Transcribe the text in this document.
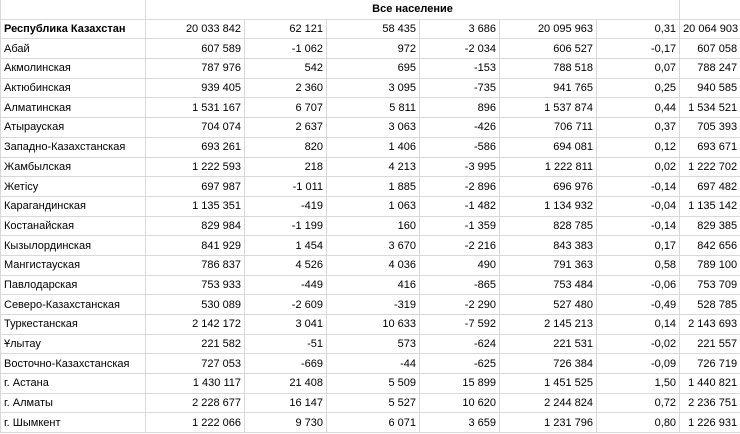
	Все население						
Республика Казахстан	20 033 842	62 121	58 435	3 686	20 095 963	0,31	20 064 903
Абай	607 589	-1 062	972	-2 034	606 527	-0,17	607 058
Акмолинская	787 976	542	695	-153	788 518	0,07	788 247
Актюбинская	939 405	2 360	3 095	-735	941 765	0,25	940 585
Алматинская	1 531 167	6 707	5 811	896	1 537 874	0,44	1 534 521
Атырауская	704 074	2 637	3 063	-426	706 711	0,37	705 393
Западно-Казахстанская	693 261	820	1 406	-586	694 081	0,12	693 671
Жамбылская	1 222 593	218	4 213	-3 995	1 222 811	0,02	1 222 702
Жетісу	697 987	-1 011	1 885	-2 896	696 976	-0,14	697 482
Карагандинская	1 135 351	-419	1 063	-1 482	1 134 932	-0,04	1 135 142
Костанайская	829 984	-1 199	160	-1 359	828 785	-0,14	829 385
Кызылординская	841 929	1 454	3 670	-2 216	843 383	0,17	842 656
Мангистауская	786 837	4 526	4 036	490	791 363	0,58	789 100
Павлодарская	753 933	-449	416	-865	753 484	-0,06	753 709
Северо-Казахстанская	530 089	-2 609	-319	-2 290	527 480	-0,49	528 785
Туркестанская	2 142 172	3 041	10 633	-7 592	2 145 213	0,14	2 143 693
Ұлытау	221 582	-51	573	-624	221 531	-0,02	221 557
Восточно-Казахстанская	727 053	-669	-44	-625	726 384	-0,09	726 719
г. Астана	1 430 117	21 408	5 509	15 899	1 451 525	1,50	1 440 821
г. Алматы	2 228 677	16 147	5 527	10 620	2 244 824	0,72	2 236 751
г. Шымкент	1 222 066	9 730	6 071	3 659	1 231 796	0,80	1 226 931
